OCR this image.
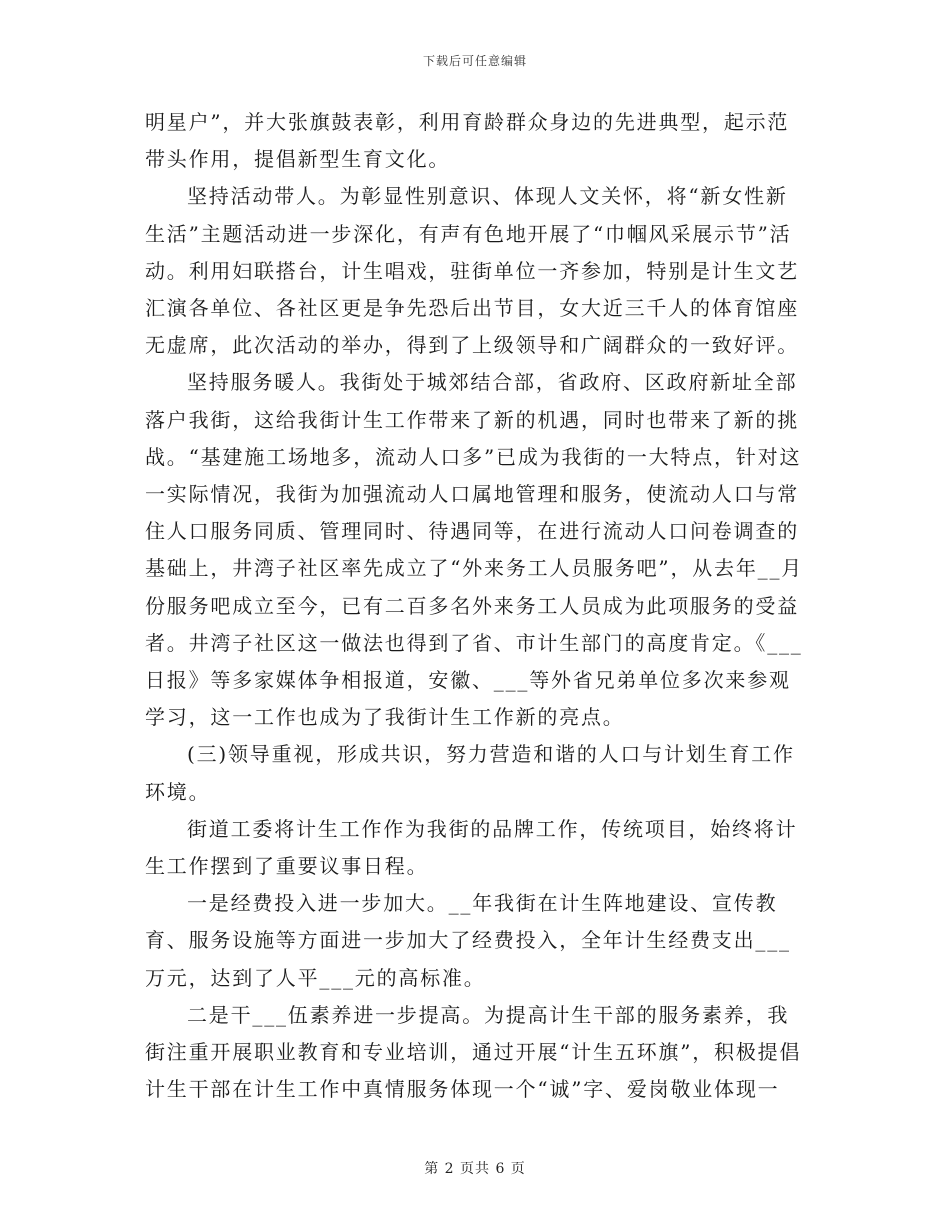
下载后可任意编辑

明星户”，并大张旗鼓表彰，利用育龄群众身边的先进典型，起示范带头作用，提倡新型生育文化。

坚持活动带人。为彰显性别意识、体现人文关怀，将“新女性新生活”主题活动进一步深化，有声有色地开展了“巾帼风采展示节”活动。利用妇联搭台，计生唱戏，驻街单位一齐参加，特别是计生文艺汇演各单位、各社区更是争先恐后出节目，女大近三千人的体育馆座无虚席，此次活动的举办，得到了上级领导和广阔群众的一致好评。

坚持服务暖人。我街处于城郊结合部，省政府、区政府新址全部落户我街，这给我街计生工作带来了新的机遇，同时也带来了新的挑战。“基建施工场地多，流动人口多”已成为我街的一大特点，针对这一实际情况，我街为加强流动人口属地管理和服务，使流动人口与常住人口服务同质、管理同时、待遇同等，在进行流动人口问卷调查的基础上，井湾子社区率先成立了“外来务工人员服务吧”，从去年__月份服务吧成立至今，已有二百多名外来务工人员成为此项服务的受益者。井湾子社区这一做法也得到了省、市计生部门的高度肯定。《___日报》等多家媒体争相报道，安徽、___等外省兄弟单位多次来参观学习，这一工作也成为了我街计生工作新的亮点。

(三)领导重视，形成共识，努力营造和谐的人口与计划生育工作环境。

街道工委将计生工作作为我街的品牌工作，传统项目，始终将计生工作摆到了重要议事日程。

一是经费投入进一步加大。__年我街在计生阵地建设、宣传教育、服务设施等方面进一步加大了经费投入，全年计生经费支出___万元，达到了人平___元的高标准。

二是干___伍素养进一步提高。为提高计生干部的服务素养，我街注重开展职业教育和专业培训，通过开展“计生五环旗”，积极提倡计生干部在计生工作中真情服务体现一个“诚”字、爱岗敬业体现一

第 2 页共 6 页
